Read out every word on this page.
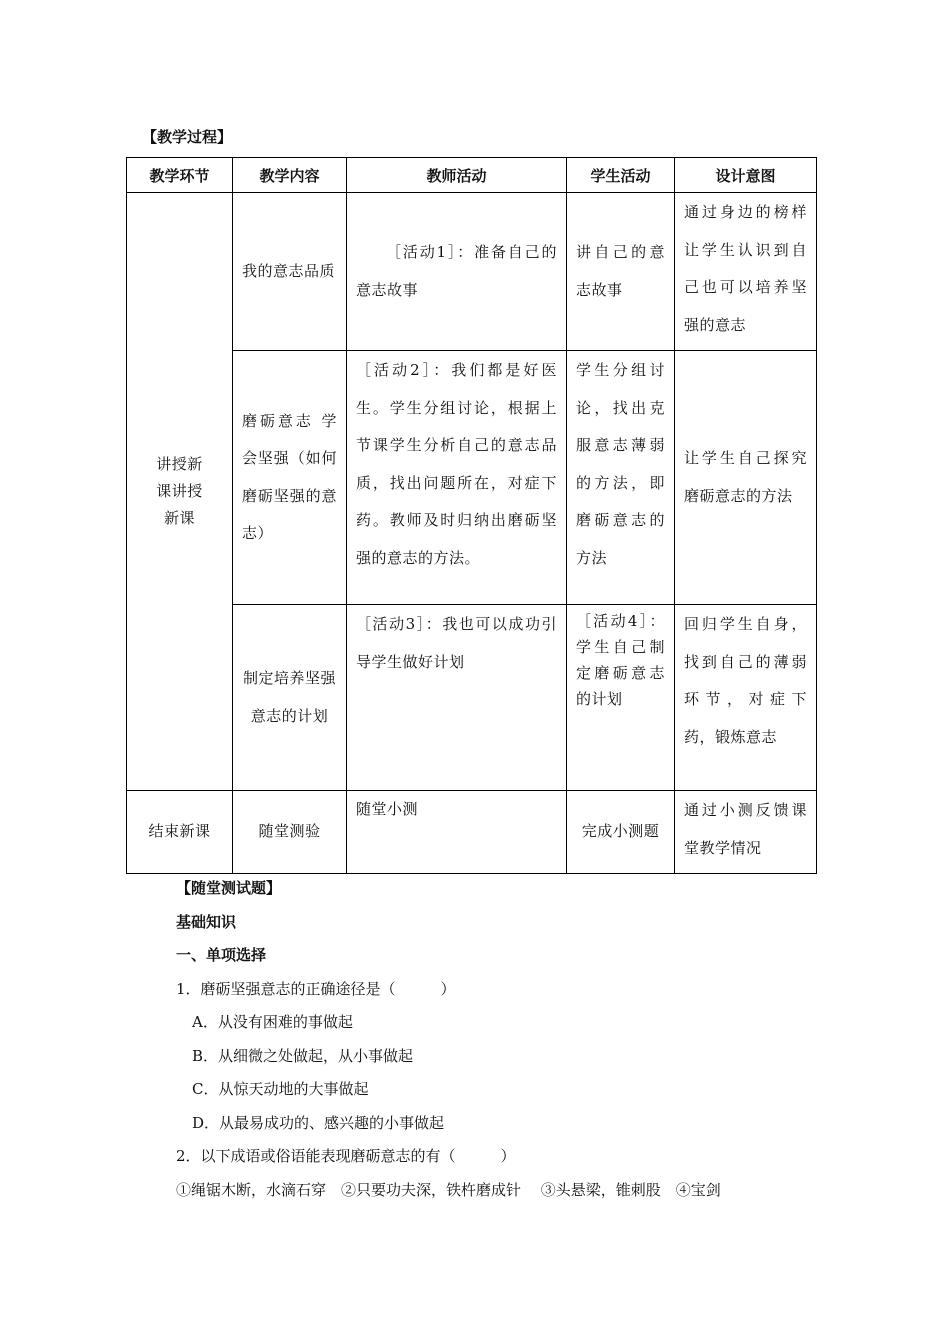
【教学过程】
教学环节	教学内容	教师活动	学生活动	设计意图

讲授新课讲授新课	我的意志品质	［活动1］：准备自己的意志故事	讲自己的意志故事	通过身边的榜样让学生认识到自己也可以培养坚强的意志

	磨砺意志 学会坚强（如何磨砺坚强的意志）	［活动2］：我们都是好医生。学生分组讨论，根据上节课学生分析自己的意志品质，找出问题所在，对症下药。教师及时归纳出磨砺坚强的意志的方法。	学生分组讨论，找出克服意志薄弱的方法，即磨砺意志的方法	让学生自己探究磨砺意志的方法

	制定培养坚强意志的计划	［活动3］：我也可以成功引导学生做好计划	［活动4］：学生自己制定磨砺意志的计划	回归学生自身，找到自己的薄弱环节，对症下药，锻炼意志

结束新课	随堂测验	随堂小测	完成小测题	通过小测反馈课堂教学情况
【随堂测试题】
基础知识
一、单项选择
1．磨砺坚强意志的正确途径是（　　　）
A．从没有困难的事做起
B．从细微之处做起，从小事做起
C．从惊天动地的大事做起
D．从最易成功的、感兴趣的小事做起
2．以下成语或俗语能表现磨砺意志的有（　　　）
①绳锯木断，水滴石穿　②只要功夫深，铁杵磨成针　 ③头悬梁，锥刺股　④宝剑
